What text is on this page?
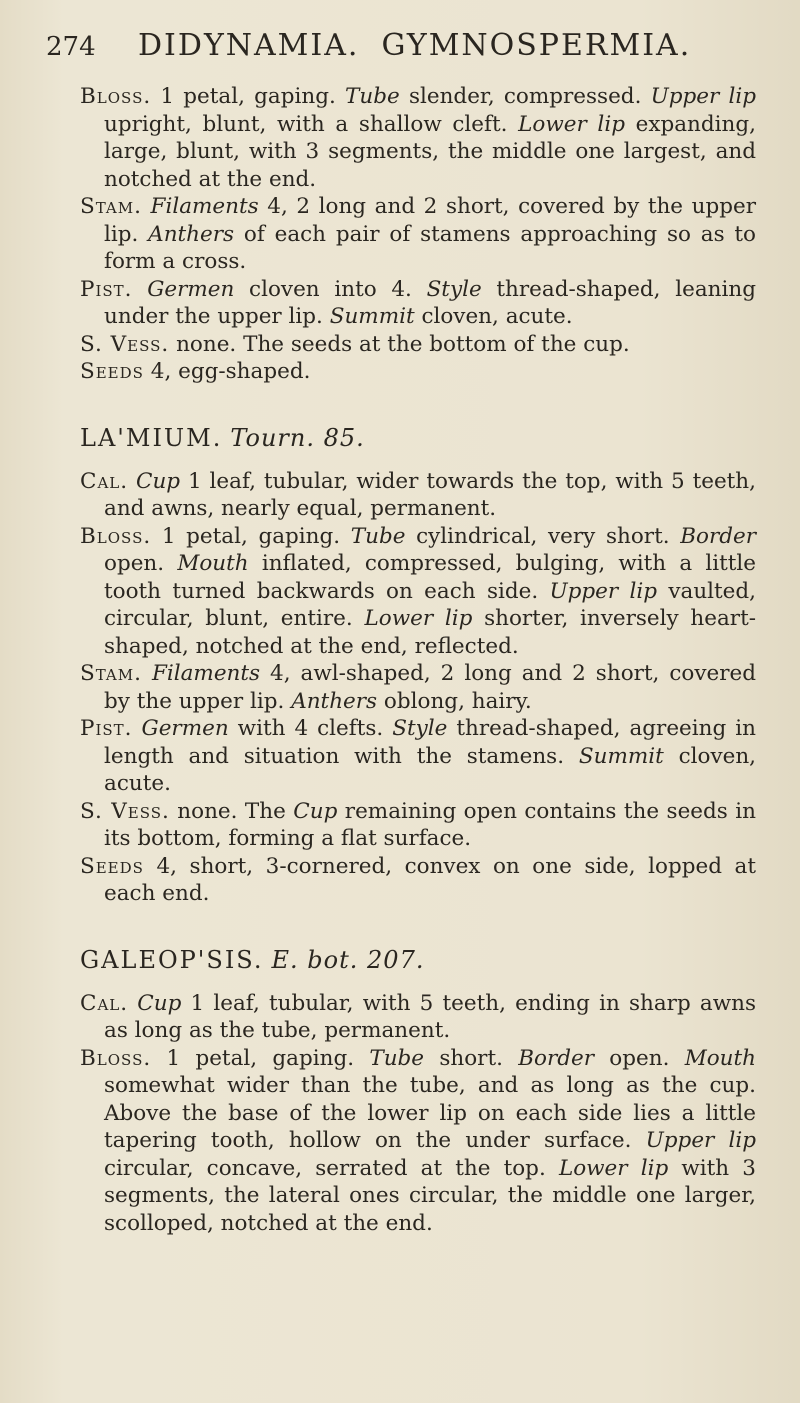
274	DIDYNAMIA. GYMNOSPERMIA.

Bloss. 1 petal, gaping. Tube slender, compressed. Upper lip upright, blunt, with a shallow cleft. Lower lip expanding, large, blunt, with 3 segments, the middle one largest, and notched at the end.

Stam. Filaments 4, 2 long and 2 short, covered by the upper lip. Anthers of each pair of stamens approaching so as to form a cross.

Pist. Germen cloven into 4. Style thread-shaped, leaning under the upper lip. Summit cloven, acute.

S. Vess. none. The seeds at the bottom of the cup.

Seeds 4, egg-shaped.

LA'MIUM. Tourn. 85.

Cal. Cup 1 leaf, tubular, wider towards the top, with 5 teeth, and awns, nearly equal, permanent.

Bloss. 1 petal, gaping. Tube cylindrical, very short. Border open. Mouth inflated, compressed, bulging, with a little tooth turned backwards on each side. Upper lip vaulted, circular, blunt, entire. Lower lip shorter, inversely heart-shaped, notched at the end, reflected.

Stam. Filaments 4, awl-shaped, 2 long and 2 short, covered by the upper lip. Anthers oblong, hairy.

Pist. Germen with 4 clefts. Style thread-shaped, agreeing in length and situation with the stamens. Summit cloven, acute.

S. Vess. none. The Cup remaining open contains the seeds in its bottom, forming a flat surface.

Seeds 4, short, 3-cornered, convex on one side, lopped at each end.

GALEOP'SIS. E. bot. 207.

Cal. Cup 1 leaf, tubular, with 5 teeth, ending in sharp awns as long as the tube, permanent.

Bloss. 1 petal, gaping. Tube short. Border open. Mouth somewhat wider than the tube, and as long as the cup. Above the base of the lower lip on each side lies a little tapering tooth, hollow on the under surface. Upper lip circular, concave, serrated at the top. Lower lip with 3 segments, the lateral ones circular, the middle one larger, scolloped, notched at the end.
